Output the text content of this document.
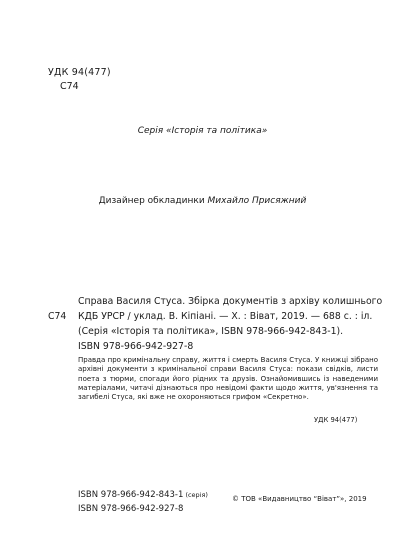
УДК 94(477)
С74
Серія «Історія та політика»
Дизайнер обкладинки Михайло Присяжний
Справа Василя Стуса. Збірка документів з архіву колишнього
С74 КДБ УРСР / уклад. В. Кіпіані. — Х. : Віват, 2019. — 688 с. : іл.
(Серія «Історія та політика», ISBN 978-966-942-843-1).
ISBN 978-966-942-927-8

Правда про кримінальну справу, життя і смерть Василя Стуса. У книжці зібрано архівні документи з кримінальної справи Василя Стуса: покази свідків, листи поета з тюрми, спогади його рідних та друзів. Ознайомившись із наведеними матеріалами, читачі дізнаються про невідомі факти щодо життя, ув'язнення та загибелі Стуса, які вже не охороняються грифом «Секретно».

УДК 94(477)
ISBN 978-966-942-843-1 (серія)
ISBN 978-966-942-927-8
© ТОВ «Видавництво “Віват”», 2019
